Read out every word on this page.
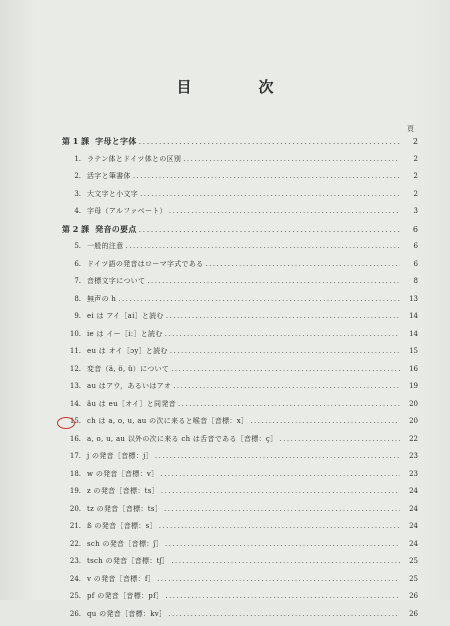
目　次
頁
第 1 課 字母と字体 .....	2
1. ラテン体とドイツ体との区別 .....	2
2. 活字と筆書体 .....	2
3. 大文字と小文字 .....	2
4. 字母（アルファベート） .....	3
第 2 課 発音の要点 .....	6
5. 一般的注意 .....	6
6. ドイツ語の発音はローマ字式である .....	6
7. 音標文字について .....	8
8. 無声の h .....	13
9. ei は アイ［ai］と読む .....	14
10. ie は イー［iː］と読む .....	14
11. eu は オイ［ɔy］と読む .....	15
12. 変音（ä, ö, ü）について .....	16
13. au はアウ，あるいはアオ .....	19
14. äu は eu［オイ］と同発音 .....	20
15. ch は a, o, u, au の次に来ると喉音［音標：x］ .....	20
16. a, o, u, au 以外の次に来る ch は舌音である［音標：ç］ .....	22
17. j の発音［音標：j］ .....	23
18. w の発音［音標：v］ .....	23
19. z の発音［音標：ts］ .....	24
20. tz の発音［音標：ts］ .....	24
21. ß の発音［音標：s］ .....	24
22. sch の発音［音標：ʃ］ .....	24
23. tsch の発音［音標：tʃ］ .....	25
24. v の発音［音標：f］ .....	25
25. pf の発音［音標：pf］ .....	26
26. qu の発音［音標：kv］ .....	26
